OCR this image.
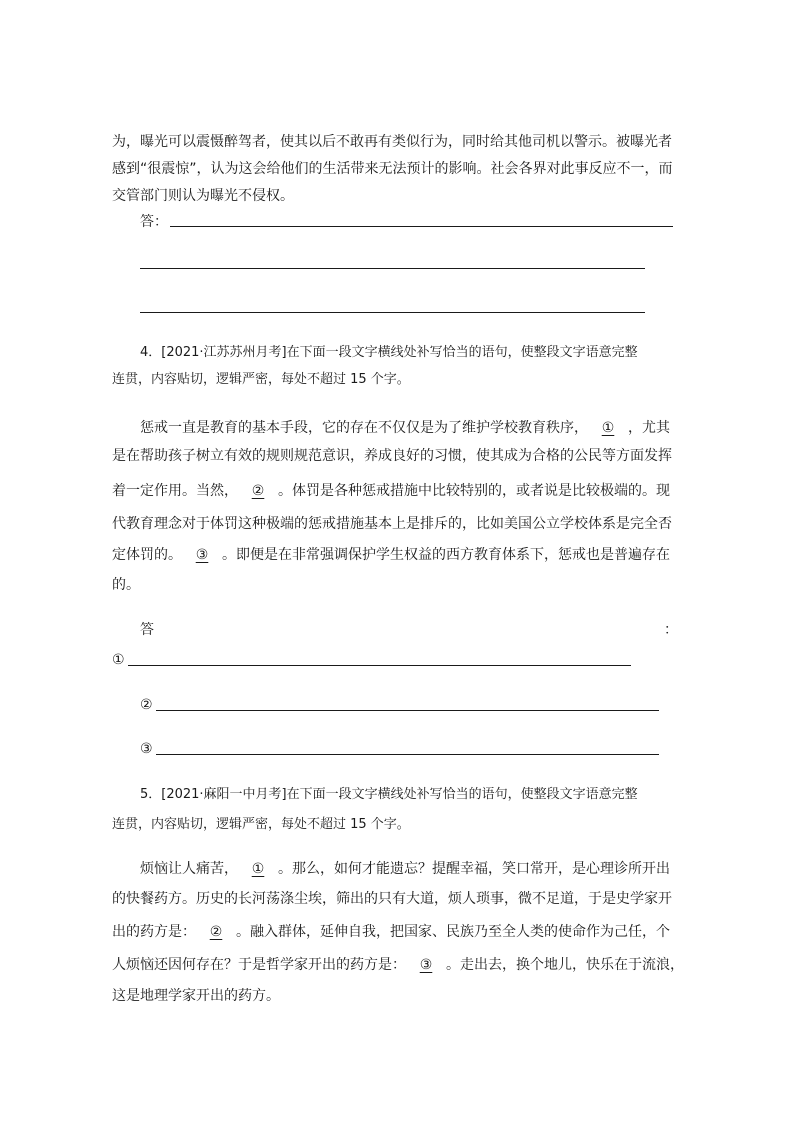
为，曝光可以震慑醉驾者，使其以后不敢再有类似行为，同时给其他司机以警示。被曝光者
感到“很震惊”，认为这会给他们的生活带来无法预计的影响。社会各界对此事反应不一，而
交管部门则认为曝光不侵权。
答：
4．[2021·江苏苏州月考]在下面一段文字横线处补写恰当的语句，使整段文字语意完整
连贯，内容贴切，逻辑严密，每处不超过 15 个字。
惩戒一直是教育的基本手段，它的存在不仅仅是为了维护学校教育秩序， ① ，尤其
是在帮助孩子树立有效的规则规范意识，养成良好的习惯，使其成为合格的公民等方面发挥
着一定作用。当然， ② 。体罚是各种惩戒措施中比较特别的，或者说是比较极端的。现
代教育理念对于体罚这种极端的惩戒措施基本上是排斥的，比如美国公立学校体系是完全否
定体罚的。 ③ 。即便是在非常强调保护学生权益的西方教育体系下，惩戒也是普遍存在
的。
答	：
①
②
③
5．[2021·麻阳一中月考]在下面一段文字横线处补写恰当的语句，使整段文字语意完整
连贯，内容贴切，逻辑严密，每处不超过 15 个字。
烦恼让人痛苦， ① 。那么，如何才能遗忘？提醒幸福，笑口常开，是心理诊所开出
的快餐药方。历史的长河荡涤尘埃，筛出的只有大道，烦人琐事，微不足道，于是史学家开
出的药方是： ② 。融入群体，延伸自我，把国家、民族乃至全人类的使命作为己任，个
人烦恼还因何存在？于是哲学家开出的药方是： ③ 。走出去，换个地儿，快乐在于流浪，
这是地理学家开出的药方。
